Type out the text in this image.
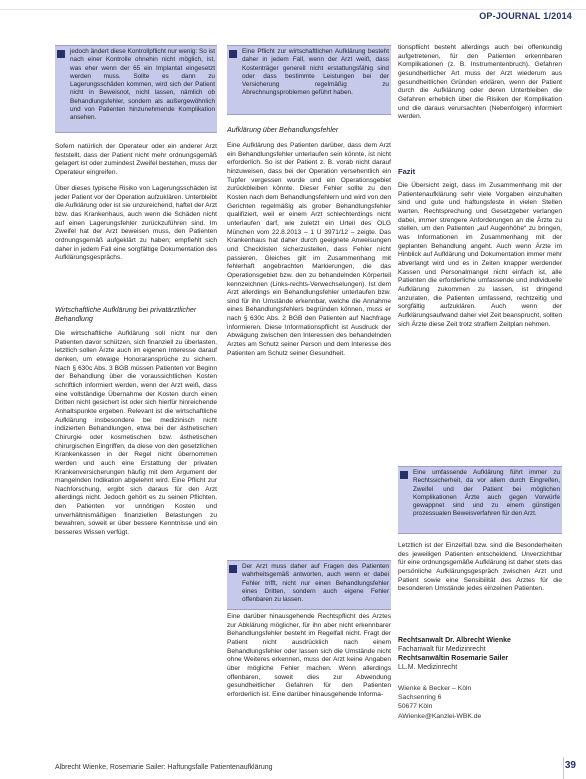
OP-JOURNAL 1/2014

jedoch ändert diese Kontrollpflicht nur wenig: So ist nach einer Kontrolle ohnehin nicht möglich, ist, was eher wenn der 65 ein Implantat eingesetzt werden muss. Sollte es dann zu Lagerungsschäden kommen, wird sich der Patient nicht in Beweisnot, nicht lassen, nämlich ob Behandlungsfehler, sondern als außergewöhnlich und von Patienten hinzunehmende Komplikation ansehen.

Sofern natürlich der Operateur oder ein anderer Arzt feststellt, dass der Patient nicht mehr ordnungsgemäß gelagert ist oder zumindest Zweifel bestehen, muss der Operateur eingreifen.

Über dieses typische Risiko von Lagerungsschäden ist jeder Patient vor der Operation aufzuklären. Unterbleibt die Aufklärung oder ist sie unzureichend, haftet der Arzt bzw. das Krankenhaus, auch wenn die Schäden nicht auf einen Lagerungsfehler zurückzuführen sind. Im Zweifel hat der Arzt beweisen muss, den Patienten ordnungsgemäß aufgeklärt zu haben; empfiehlt sich daher in jedem Fall eine sorgfältige Dokumentation des Aufklärungsgesprächs.

Wirtschaftliche Aufklärung bei privatärztlicher Behandlung

Die wirtschaftliche Aufklärung soll nicht nur den Patienten davor schützen, sich finanziell zu überlasten, letztlich sollen Ärzte auch im eigenen Interesse darauf denken, um etwaige Honoraransprüche zu sichern. Nach § 630c Abs. 3 BGB müssen Patienten vor Beginn der Behandlung über die voraussichtlichen Kosten schriftlich informiert werden, wenn der Arzt weiß, dass eine vollständige Übernahme der Kosten durch einen Dritten nicht gesichert ist oder sich hierfür hinreichende Anhaltspunkte ergeben. Relevant ist die wirtschaftliche Aufklärung insbesondere bei medizinisch nicht indizierten Behandlungen, etwa bei der ästhetischen Chirurgie oder kosmetischen bzw. ästhetischen chirurgischen Eingriffen, da diese von den gesetzlichen Krankenkassen in der Regel nicht übernommen werden und auch eine Erstattung der privaten Krankenversicherungen häufig mit dem Argument der mangelnden Indikation abgelehnt wird. Eine Pflicht zur Nachforschung, ergibt sich daraus für den Arzt allerdings nicht. Jedoch gehört es zu seinen Pflichten, den Patienten vor unnötigen Kosten und unverhältnismäßigen finanziellen Belastungen zu bewahren, soweit er über bessere Kenntnisse und ein besseres Wissen verfügt.

Eine Pflicht zur wirtschaftlichen Aufklärung besteht daher in jedem Fall, wenn der Arzt weiß, dass Kostenträger generell nicht erstattungsfähig sind oder dass bestimmte Leistungen bei der Versicherung regelmäßig zu Abrechnungsproblemen geführt haben.

Aufklärung über Behandlungsfehler

Eine Aufklärung des Patienten darüber, dass dem Arzt ein Behandlungsfehler unterlaufen sein könnte, ist nicht erforderlich. So ist der Patient z. B. vorab nicht darauf hinzuweisen, dass bei der Operation versehentlich ein Tupfer vergessen wurde und ein Operationsgebiet zurückbleiben könnte. Dieser Fehler sollte zu den Kosten nach dem Behandlungsfehlern und wird von den Gerichten regelmäßig als grober Behandlungsfehler qualifiziert, weil er einem Arzt schlechterdings nicht unterlaufen darf, wie zuletzt ein Urteil des OLG München vom 22.8.2013 – 1 U 3971/12 – zeigte. Das Krankenhaus hat daher durch geeignete Anweisungen und Checklisten sicherzustellen, dass Fehler nicht passieren. Gleiches gilt im Zusammenhang mit fehlerhaft angebrachten Markierungen, die das Operationsgebiet bzw. den zu behandelnden Körperteil kennzeichnen (Links-rechts-Verwechselungen). Ist dem Arzt allerdings ein Behandlungsfehler unterlaufen bzw. sind für ihn Umstände erkennbar, welche die Annahme eines Behandlungsfehlers begründen können, muss er nach § 630c Abs. 2 BGB den Patienten auf Nachfrage informieren. Diese Informationspflicht ist Ausdruck der Abwägung zwischen den Interessen des behandelnden Arztes am Schutz seiner Person und dem Interesse des Patienten am Schutz seiner Gesundheit.

Der Arzt muss daher auf Fragen des Patienten wahrheitsgemäß antworten, auch wenn er dabei Fehler trifft, nicht nur einen Behandlungsfehler eines Dritten, sondern auch eigene Fehler offenbaren zu lassen.

Eine darüber hinausgehende Rechtspflicht des Arztes zur Abklärung möglicher, für ihn aber nicht erkennbarer Behandlungsfehler besteht im Regelfall nicht. Fragt der Patient nicht ausdrücklich nach einem Behandlungsfehler oder lassen sich die Umstände nicht ohne Weiteres erkennen, muss der Arzt keine Angaben über mögliche Fehler machen. Wenn allerdings offenbaren, soweit dies zur Abwendung gesundheitlicher Gefahren für den Patienten erforderlich ist. Eine darüber hinausgehende Informa-

tionspflicht besteht allerdings auch bei offenkundig aufgetretenen, für den Patienten erkennbaren Komplikationen (z. B. Instrumentenbruch). Gefahren gesundheitlicher Art muss der Arzt wiederum aus gesundheitlichen Gründen erklären, wenn der Patient durch die Aufklärung oder deren Unterbleiben die Gefahren erheblich über die Risiken der Komplikation und die daraus verursachten (Nebenfolgen) informiert werden.

Fazit

Die Übersicht zeigt, dass im Zusammenhang mit der Patientenaufklärung sehr viele Vorgaben einzuhalten sind und gute und haftungsfeste in vielen Stellen warten. Rechtsprechung und Gesetzgeber verlangen dabei, immer strengere Anforderungen an die Ärzte zu stellen, um den Patienten „auf Augenhöhe“ zu bringen, was Informationen im Zusammenhang mit der geplanten Behandlung angeht. Auch wenn Ärzte im Hinblick auf Aufklärung und Dokumentation immer mehr abverlangt wird und es in Zeiten knapper werdender Kassen und Personalmangel nicht einfach ist, alle Patienten die erforderliche umfassende und individuelle Aufklärung zukommen zu lassen, ist dringend anzuraten, die Patienten umfassend, rechtzeitig und sorgfältig aufzuklären. Auch wenn der Aufklärungsaufwand daher viel Zeit beansprucht, sollten sich Ärzte diese Zeit trotz straffem Zeitplan nehmen.

Eine umfassende Aufklärung führt immer zu Rechtssicherheit, da vor allem durch Eingreifen, Zweifel und der Patient bei möglichen Komplikationen Ärzte auch gegen Vorwürfe gewappnet sind und zu einem günstigen prozessualen Beweisverfahren für den Arzt.

Letztlich ist der Einzelfall bzw. sind die Besonderheiten des jeweiligen Patienten entscheidend. Unverzichtbar für eine ordnungsgemäße Aufklärung ist daher stets das persönliche Aufklärungsgespräch zwischen Arzt und Patient sowie eine Sensibilität des Arztes für die besonderen Umstände jedes einzelnen Patienten.

Rechtsanwalt Dr. Albrecht Wienke
Fachanwalt für Medizinrecht
Rechtsanwältin Rosemarie Sailer
LL.M. Medizinrecht
Wienke & Becker – Köln
Sachsenring 6
50677 Köln
AWienke@Kanzlei-WBK.de
Albrecht Wienke, Rosemarie Sailer: Haftungsfalle Patientenaufklärung	39
